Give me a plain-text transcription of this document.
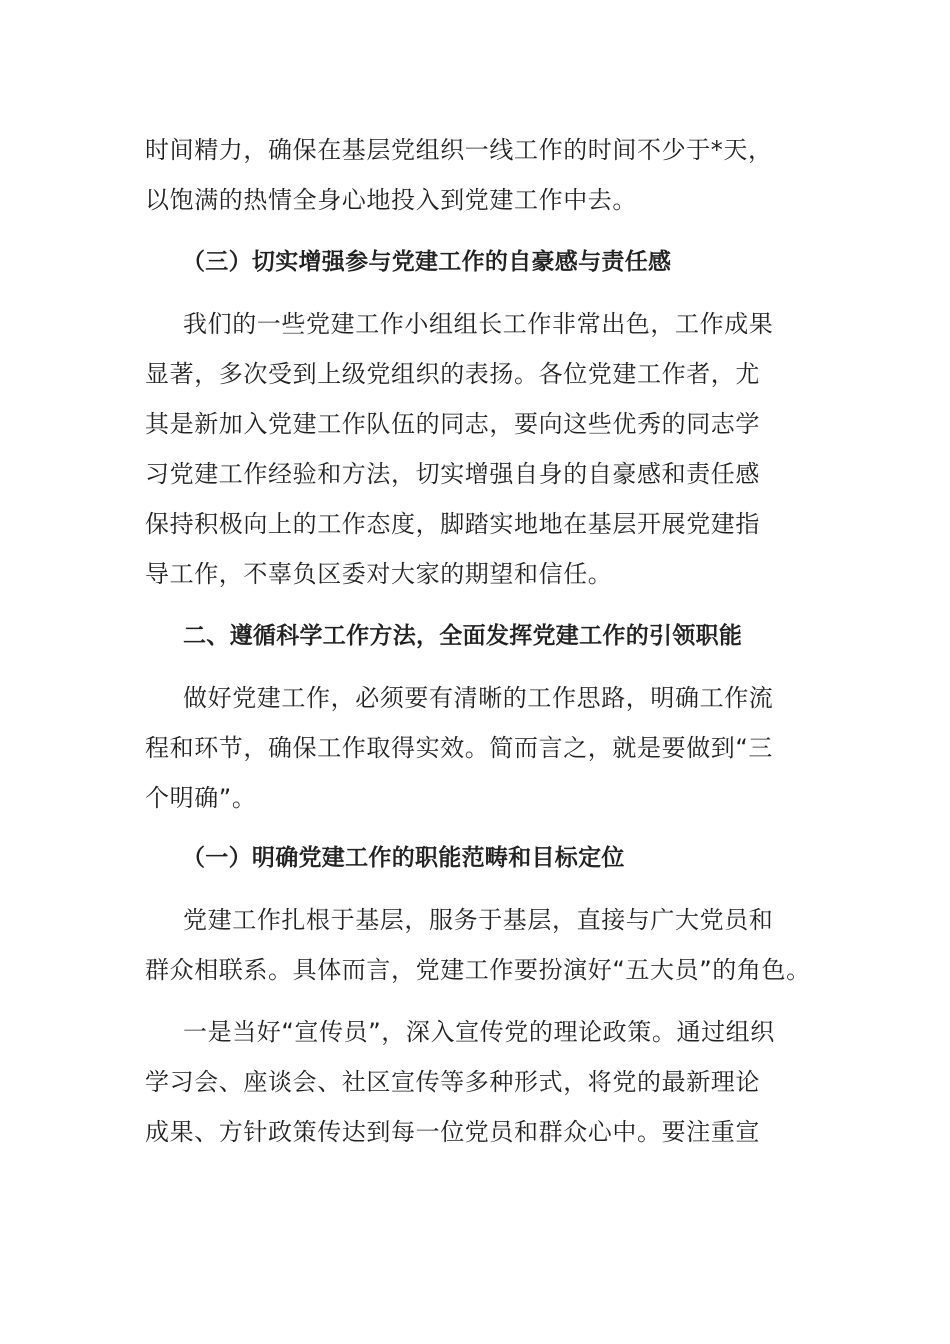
时间精力，确保在基层党组织一线工作的时间不少于*天，
以饱满的热情全身心地投入到党建工作中去。
（三）切实增强参与党建工作的自豪感与责任感
我们的一些党建工作小组组长工作非常出色，工作成果
显著，多次受到上级党组织的表扬。各位党建工作者，尤
其是新加入党建工作队伍的同志，要向这些优秀的同志学
习党建工作经验和方法，切实增强自身的自豪感和责任感
保持积极向上的工作态度，脚踏实地地在基层开展党建指
导工作，不辜负区委对大家的期望和信任。
二、遵循科学工作方法，全面发挥党建工作的引领职能
做好党建工作，必须要有清晰的工作思路，明确工作流
程和环节，确保工作取得实效。简而言之，就是要做到“三
个明确”。
（一）明确党建工作的职能范畴和目标定位
党建工作扎根于基层，服务于基层，直接与广大党员和
群众相联系。具体而言，党建工作要扮演好“五大员”的角色。
一是当好“宣传员”，深入宣传党的理论政策。通过组织
学习会、座谈会、社区宣传等多种形式，将党的最新理论
成果、方针政策传达到每一位党员和群众心中。要注重宣
